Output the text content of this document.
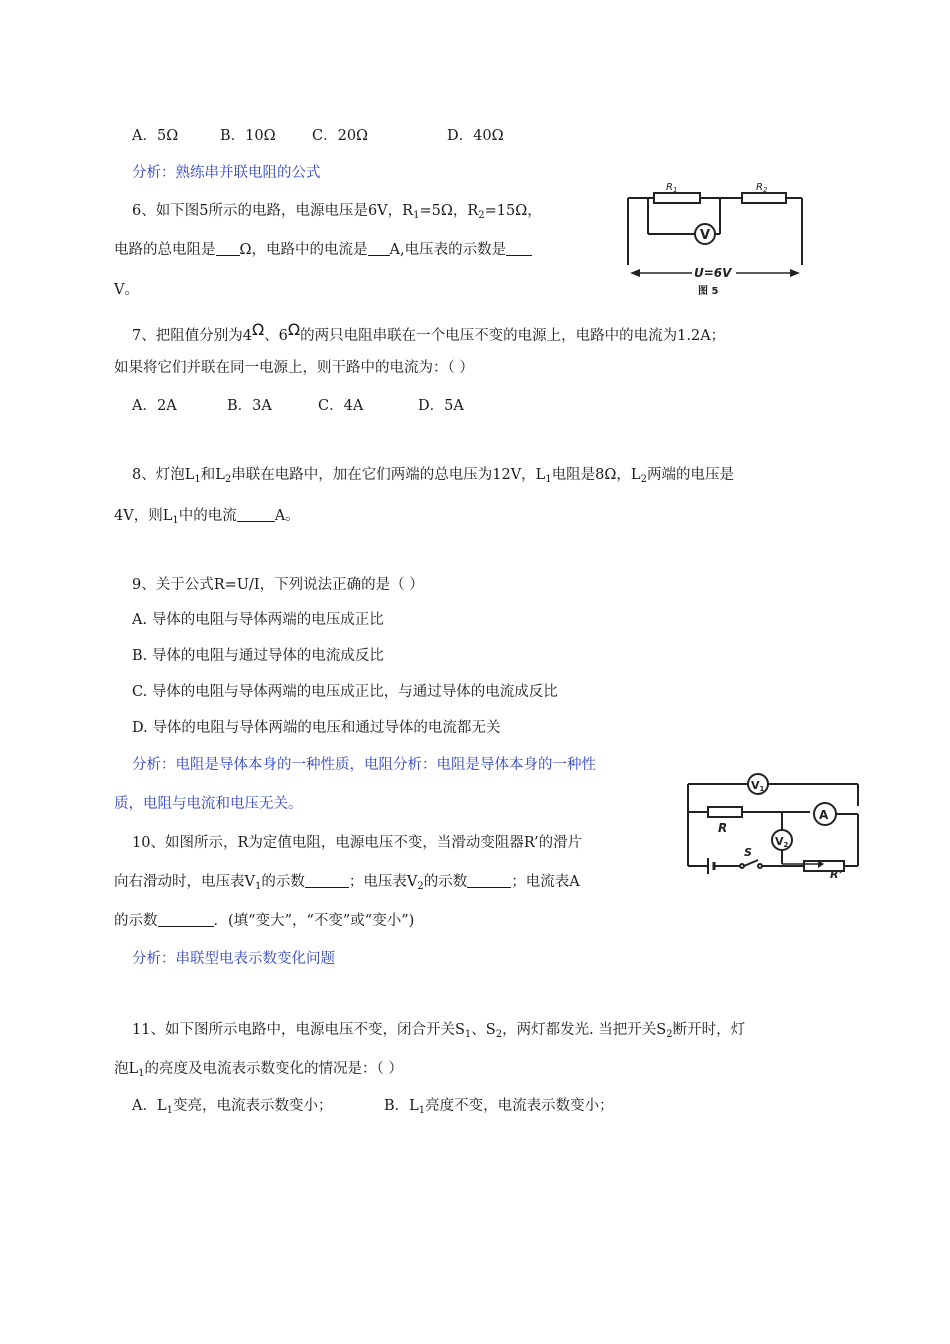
A．5Ω	B．10Ω	C．20Ω	D．40Ω
分析：熟练串并联电阻的公式
6、如下图5所示的电路，电源电压是6V，$R_1=5\Omega$，$R_2=15\Omega$，
电路的总电阻是 Ω，电路中的电流是 A,电压表的示数是
V。
$R_1$	$R_2$
V
U=6V
图 5
7、把阻值分别为4Ω、6Ω的两只电阻串联在一个电压不变的电源上，电路中的电流为1.2A；
如果将它们并联在同一电源上，则干路中的电流为：（ ）
A．2A	B．3A	C．4A	D．5A
8、灯泡$L_1$和$L_2$串联在电路中，加在它们两端的总电压为12V，$L_1$电阻是8Ω，$L_2$两端的电压是
4V，则$L_1$中的电流	A。
9、关于公式R=U/I，下列说法正确的是（ ）
A. 导体的电阻与导体两端的电压成正比
B. 导体的电阻与通过导体的电流成反比
C. 导体的电阻与导体两端的电压成正比，与通过导体的电流成反比
D. 导体的电阻与导体两端的电压和通过导体的电流都无关
分析：电阻是导体本身的一种性质，电阻分析：电阻是导体本身的一种性
质，电阻与电流和电压无关。
V1
A
V2
R
S
R’
10、如图所示，R为定值电阻，电源电压不变，当滑动变阻器R’的滑片
向右滑动时，电压表$V_1$的示数	；电压表$V_2$的示数	；电流表A
的示数	．(填“变大”，“不变”或“变小”)
分析：串联型电表示数变化问题
11、如下图所示电路中，电源电压不变，闭合开关$S_1$、$S_2$，两灯都发光. 当把开关$S_2$断开时，灯
泡$L_1$的亮度及电流表示数变化的情况是：（ ）
A．$L_1$变亮，电流表示数变小；	B．$L_1$亮度不变，电流表示数变小；
